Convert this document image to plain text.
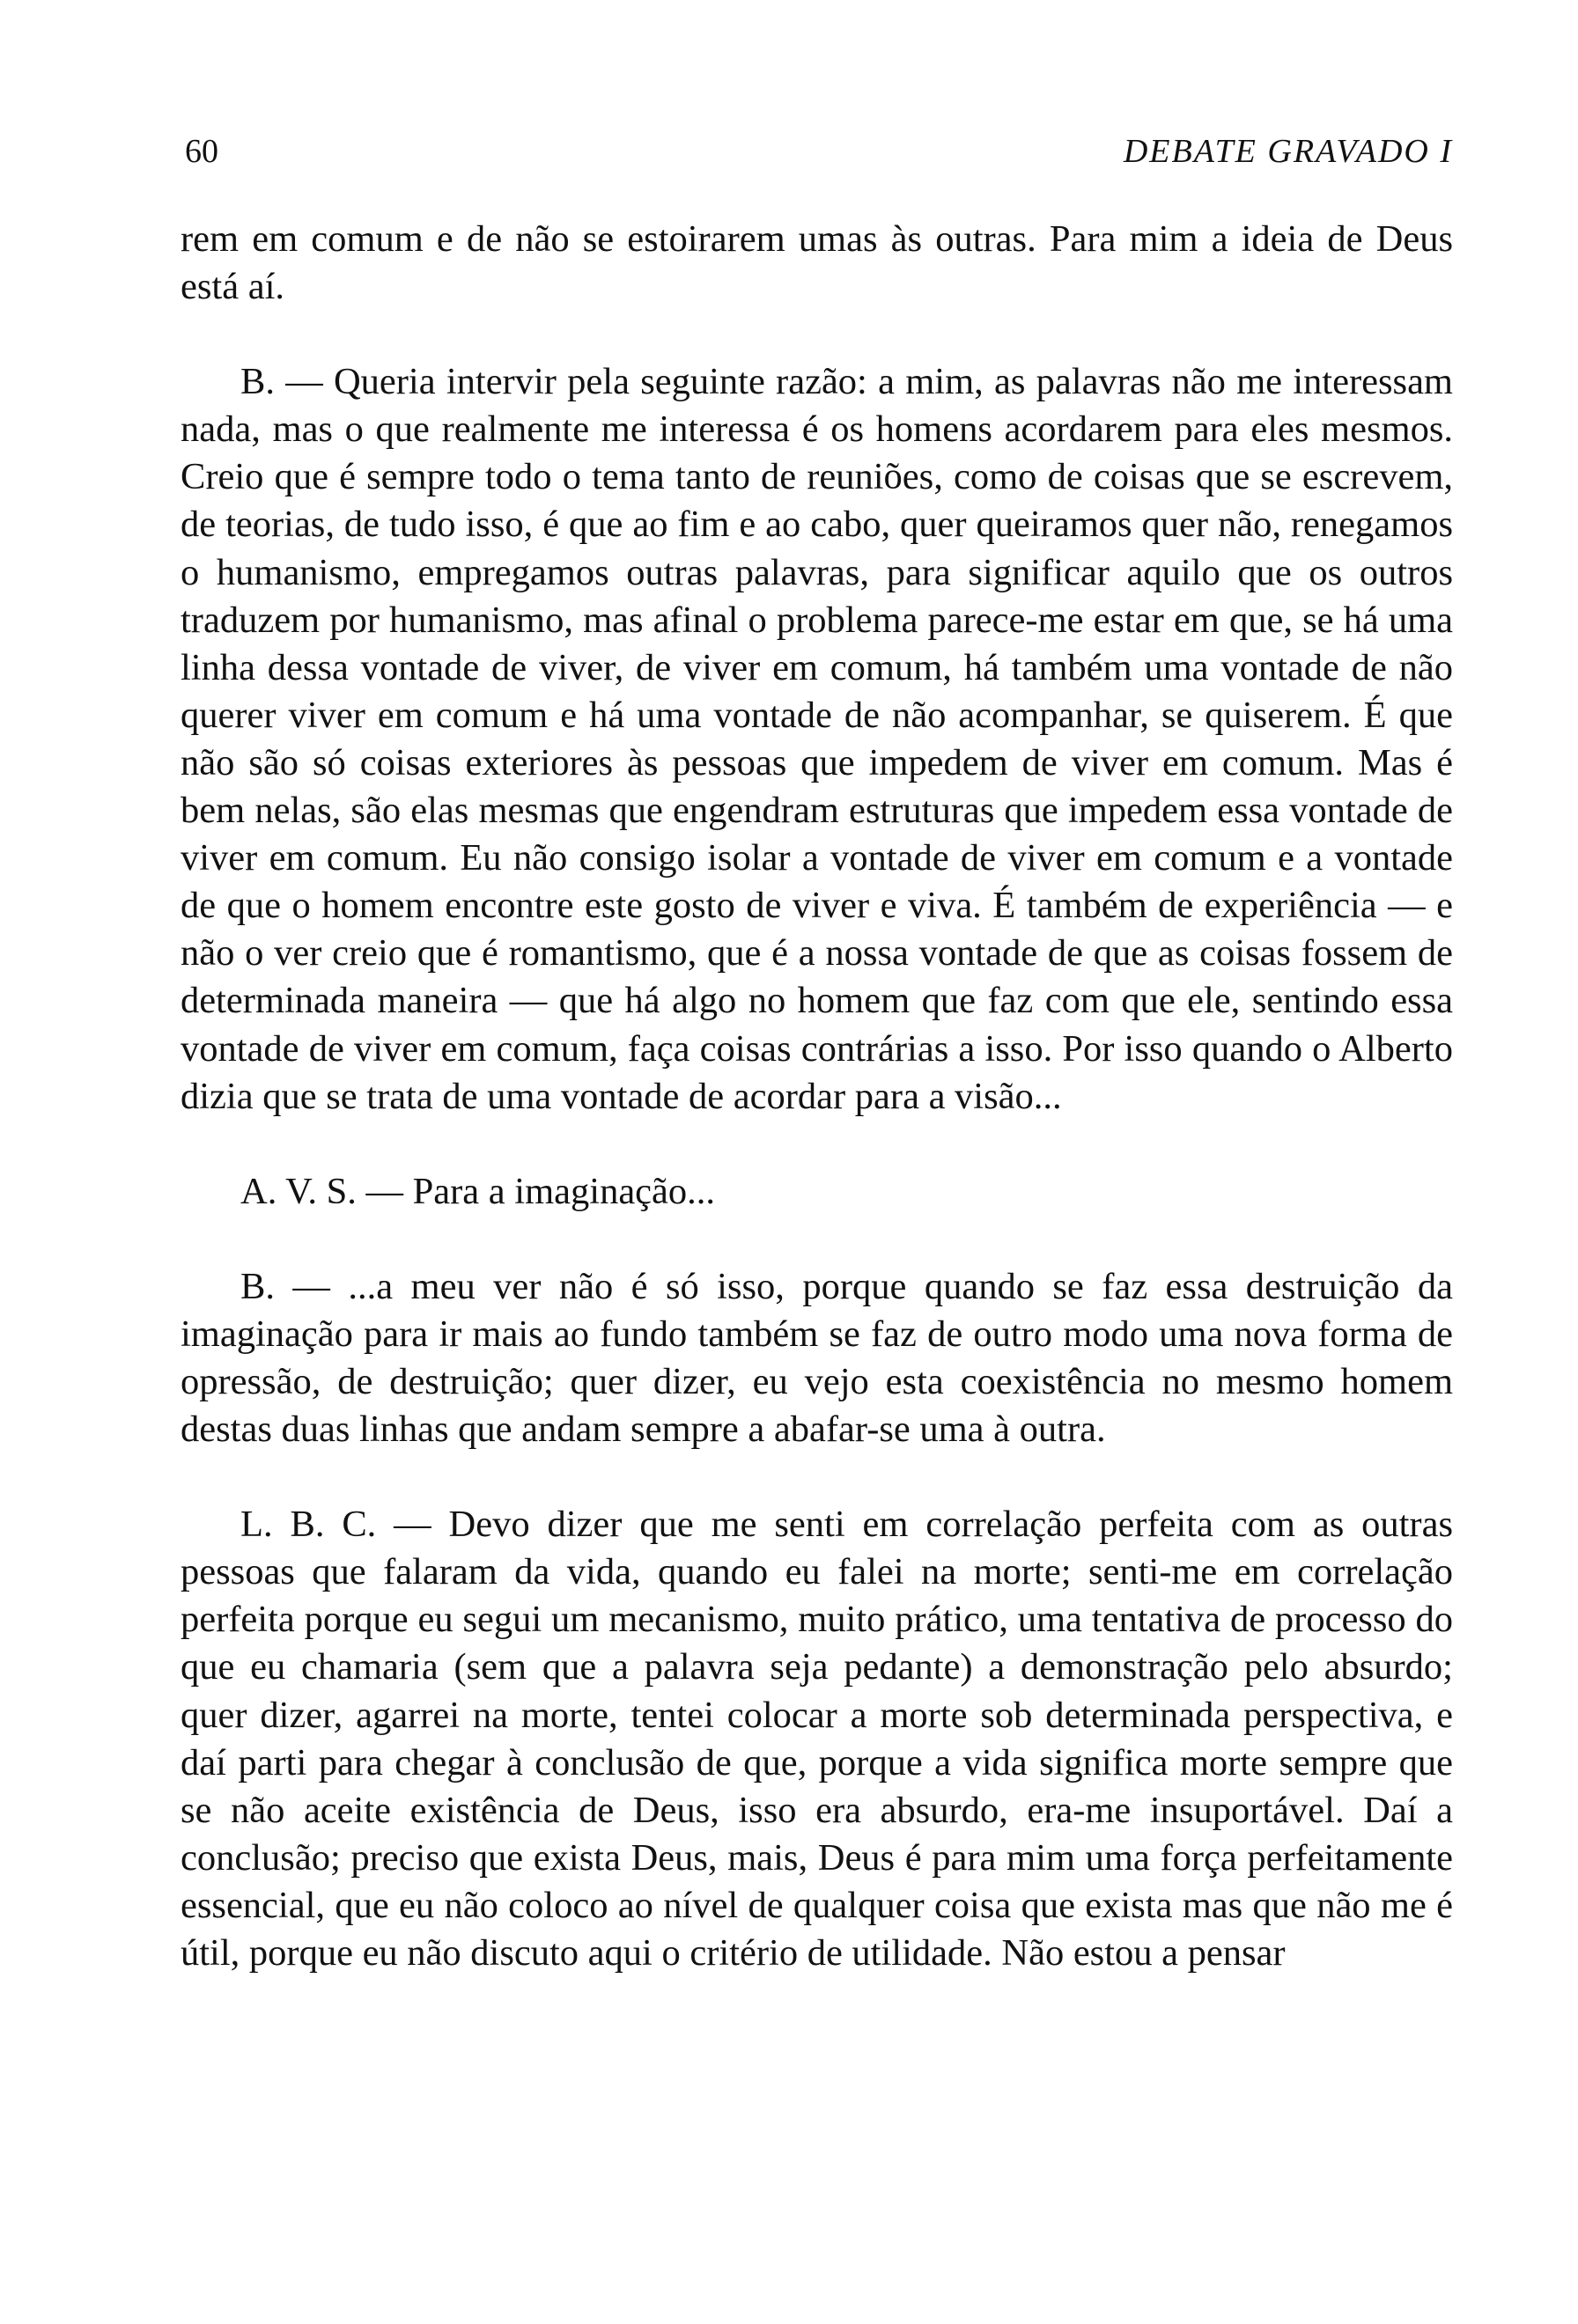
60	DEBATE GRAVADO I

rem em comum e de não se estoirarem umas às outras. Para mim a ideia de Deus está aí.

B. — Queria intervir pela seguinte razão: a mim, as palavras não me interessam nada, mas o que realmente me interessa é os homens acordarem para eles mesmos. Creio que é sempre todo o tema tanto de reuniões, como de coisas que se escrevem, de teorias, de tudo isso, é que ao fim e ao cabo, quer queiramos quer não, renegamos o humanismo, empregamos outras palavras, para significar aquilo que os outros traduzem por humanismo, mas afinal o problema parece-me estar em que, se há uma linha dessa vontade de viver, de viver em comum, há também uma vontade de não querer viver em comum e há uma vontade de não acompanhar, se quiserem. É que não são só coisas exteriores às pessoas que impedem de viver em comum. Mas é bem nelas, são elas mesmas que engendram estruturas que impedem essa vontade de viver em comum. Eu não consigo isolar a vontade de viver em comum e a vontade de que o homem encontre este gosto de viver e viva. É também de experiência — e não o ver creio que é romantismo, que é a nossa vontade de que as coisas fossem de determinada maneira — que há algo no homem que faz com que ele, sentindo essa vontade de viver em comum, faça coisas contrárias a isso. Por isso quando o Alberto dizia que se trata de uma vontade de acordar para a visão...

A. V. S. — Para a imaginação...

B. — ...a meu ver não é só isso, porque quando se faz essa destruição da imaginação para ir mais ao fundo também se faz de outro modo uma nova forma de opressão, de destruição; quer dizer, eu vejo esta coexistência no mesmo homem destas duas linhas que andam sempre a abafar-se uma à outra.

L. B. C. — Devo dizer que me senti em correlação perfeita com as outras pessoas que falaram da vida, quando eu falei na morte; senti-me em correlação perfeita porque eu segui um mecanismo, muito prático, uma tentativa de processo do que eu chamaria (sem que a palavra seja pedante) a demonstração pelo absurdo; quer dizer, agarrei na morte, tentei colocar a morte sob determinada perspectiva, e daí parti para chegar à conclusão de que, porque a vida significa morte sempre que se não aceite existência de Deus, isso era absurdo, era-me insuportável. Daí a conclusão; preciso que exista Deus, mais, Deus é para mim uma força perfeitamente essencial, que eu não coloco ao nível de qualquer coisa que exista mas que não me é útil, porque eu não discuto aqui o critério de utilidade. Não estou a pensar
